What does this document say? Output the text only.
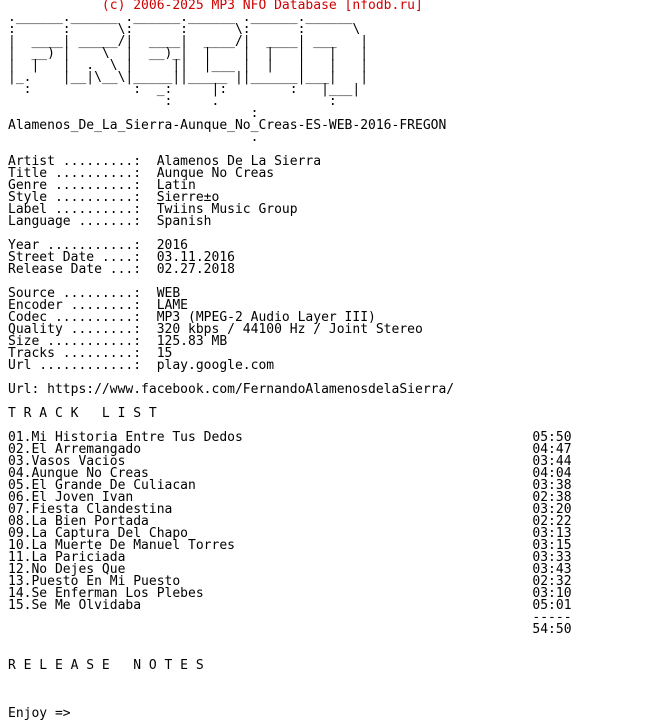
(c) 2006-2025 MP3 NFO Database [nfodb.ru]
.______.______ .______.______ .______.______
:      :      \:      :      \:      :      \
|  ____| _____/|  ____|  ____/|  ____| ___   |
|  __) |    \  |  __)_|  |    |  |   |   |   |
|  |   |  .  \ |     ||  |___ |  |   |   |   |
|_.    |__|\__\|_____||_____ ||______|___|   |
:             :  _:     |:        :   |___|
:     .              :
:
Alamenos_De_La_Sierra-Aunque_No_Creas-ES-WEB-2016-FREGON
.

Artist .........:  Alamenos De La Sierra
Title ..........:  Aunque No Creas
Genre ..........:  Latin
Style ..........:  Sierre±o
Label ..........:  Twiins Music Group
Language .......:  Spanish

Year ...........:  2016
Street Date ....:  03.11.2016
Release Date ...:  02.27.2018

Source .........:  WEB
Encoder ........:  LAME
Codec ..........:  MP3 (MPEG-2 Audio Layer III)
Quality ........:  320 kbps / 44100 Hz / Joint Stereo
Size ...........:  125.83 MB
Tracks .........:  15
Url ............:  play.google.com

Url: https://www.facebook.com/FernandoAlamenosdelaSierra/

T R A C K   L I S T

01.Mi Historia Entre Tus Dedos                                     05:50
02.El Arremangado                                                  04:47
03.Vasos Vacios                                                    03:44
04.Aunque No Creas                                                 04:04
05.El Grande De Culiacan                                           03:38
06.El Joven Ivan                                                   02:38
07.Fiesta Clandestina                                              03:20
08.La Bien Portada                                                 02:22
09.La Captura Del Chapo                                            03:13
10.La Muerte De Manuel Torres                                      03:15
11.La Pariciada                                                    03:33
12.No Dejes Que                                                    03:43
13.Puesto En Mi Puesto                                             02:32
14.Se Enferman Los Plebes                                          03:10
15.Se Me Olvidaba                                                  05:01
-----
54:50

R E L E A S E   N O T E S

Enjoy =>
